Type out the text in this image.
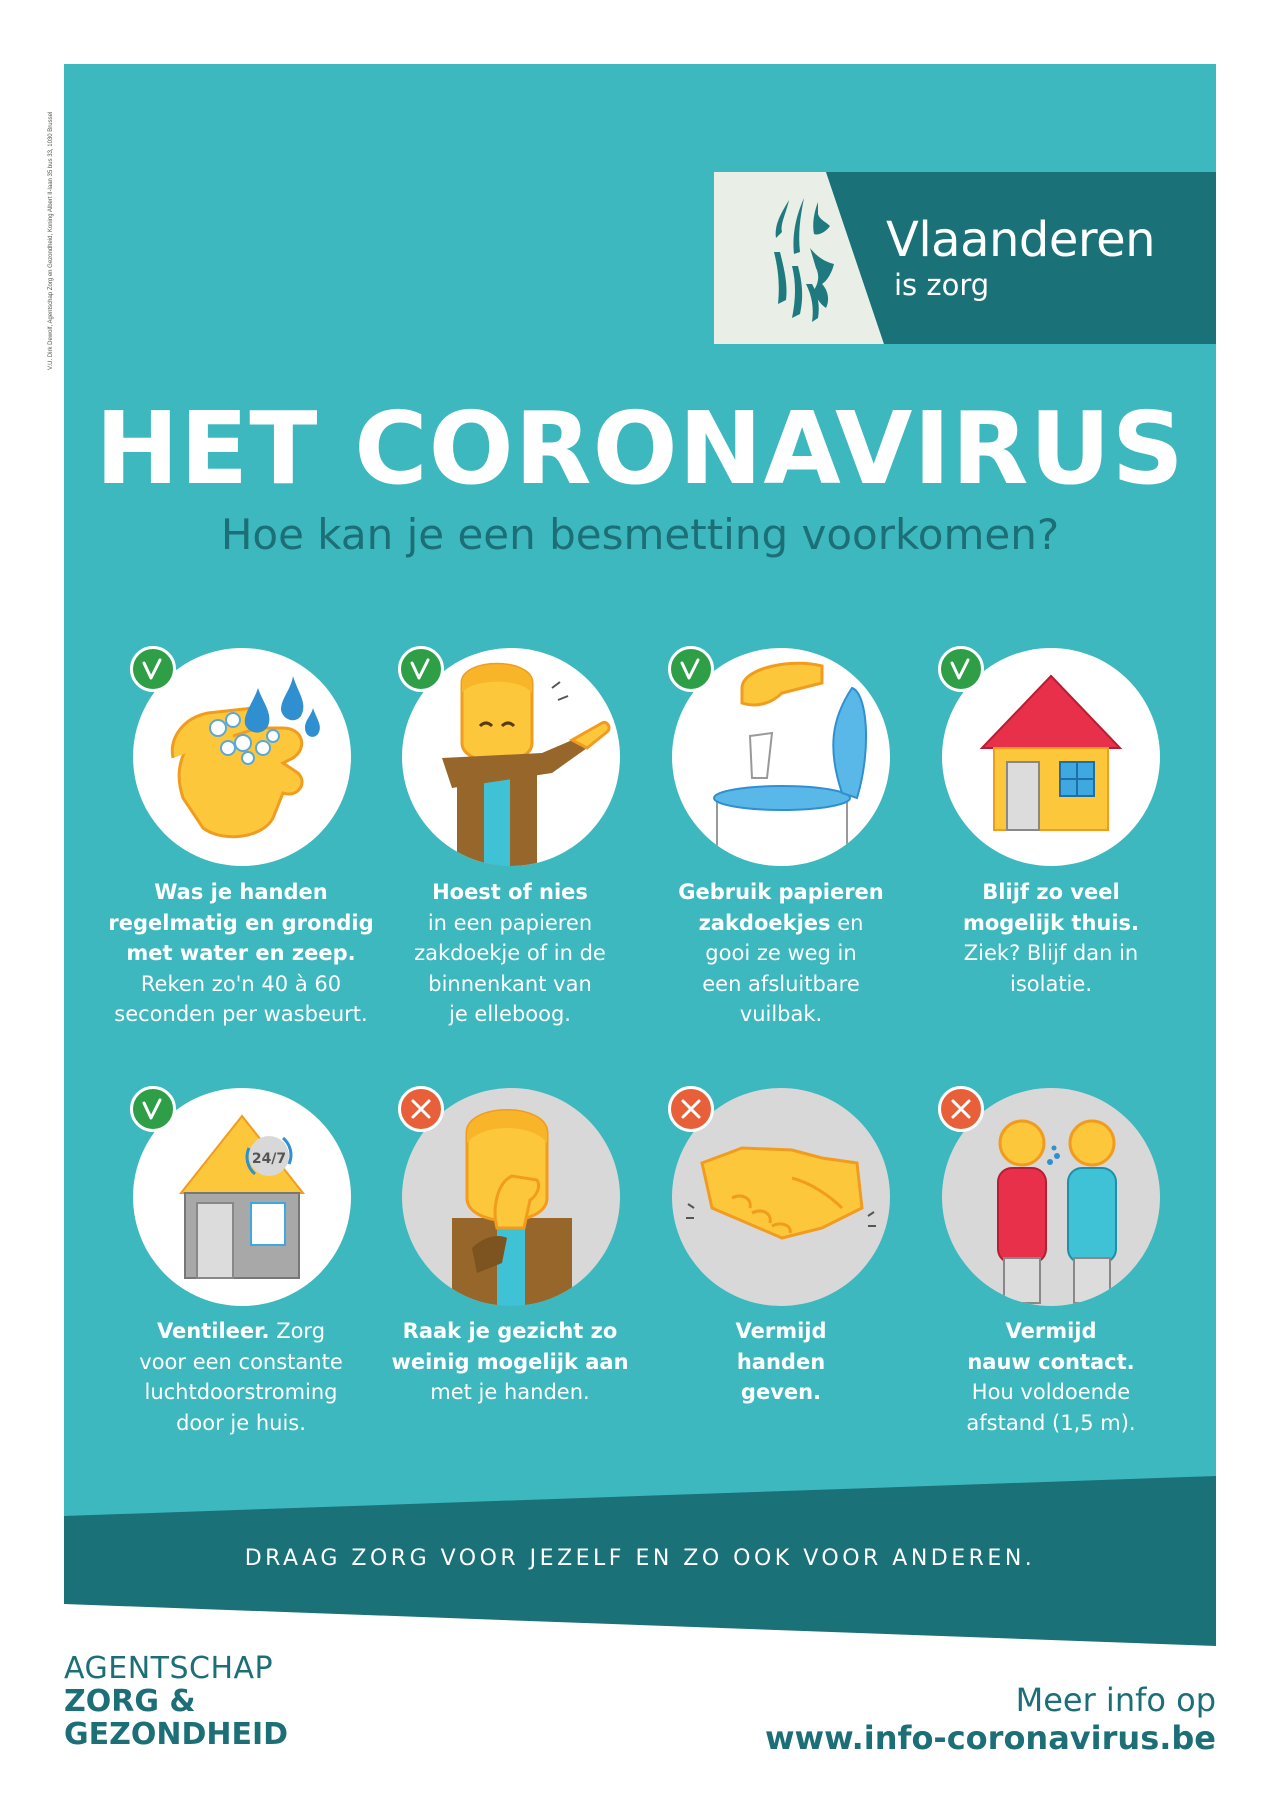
V.U. Dirk Dewolf, Agentschap Zorg en Gezondheid, Koning Albert II-laan 35 bus 33, 1030 Brussel	Vlaanderen
is zorg
HET CORONAVIRUS
Hoe kan je een besmetting voorkomen?
Was je handen
regelmatig en grondig
met water en zeep.
Reken zo'n 40 à 60
seconden per wasbeurt.
Hoest of nies
in een papieren
zakdoekje of in de
binnenkant van
je elleboog.
Gebruik papieren
zakdoekjes en
gooi ze weg in
een afsluitbare
vuilbak.
Blijf zo veel
mogelijk thuis.
Ziek? Blijf dan in
isolatie.
24/7
Ventileer. Zorg
voor een constante
luchtdoorstroming
door je huis.
Raak je gezicht zo
weinig mogelijk aan
met je handen.
Vermijd
handen
geven.
Vermijd
nauw contact.
Hou voldoende
afstand (1,5 m).
DRAAG ZORG VOOR JEZELF EN ZO OOK VOOR ANDEREN.
AGENTSCHAP
ZORG &
GEZONDHEID
Meer info op
www.info-coronavirus.be
